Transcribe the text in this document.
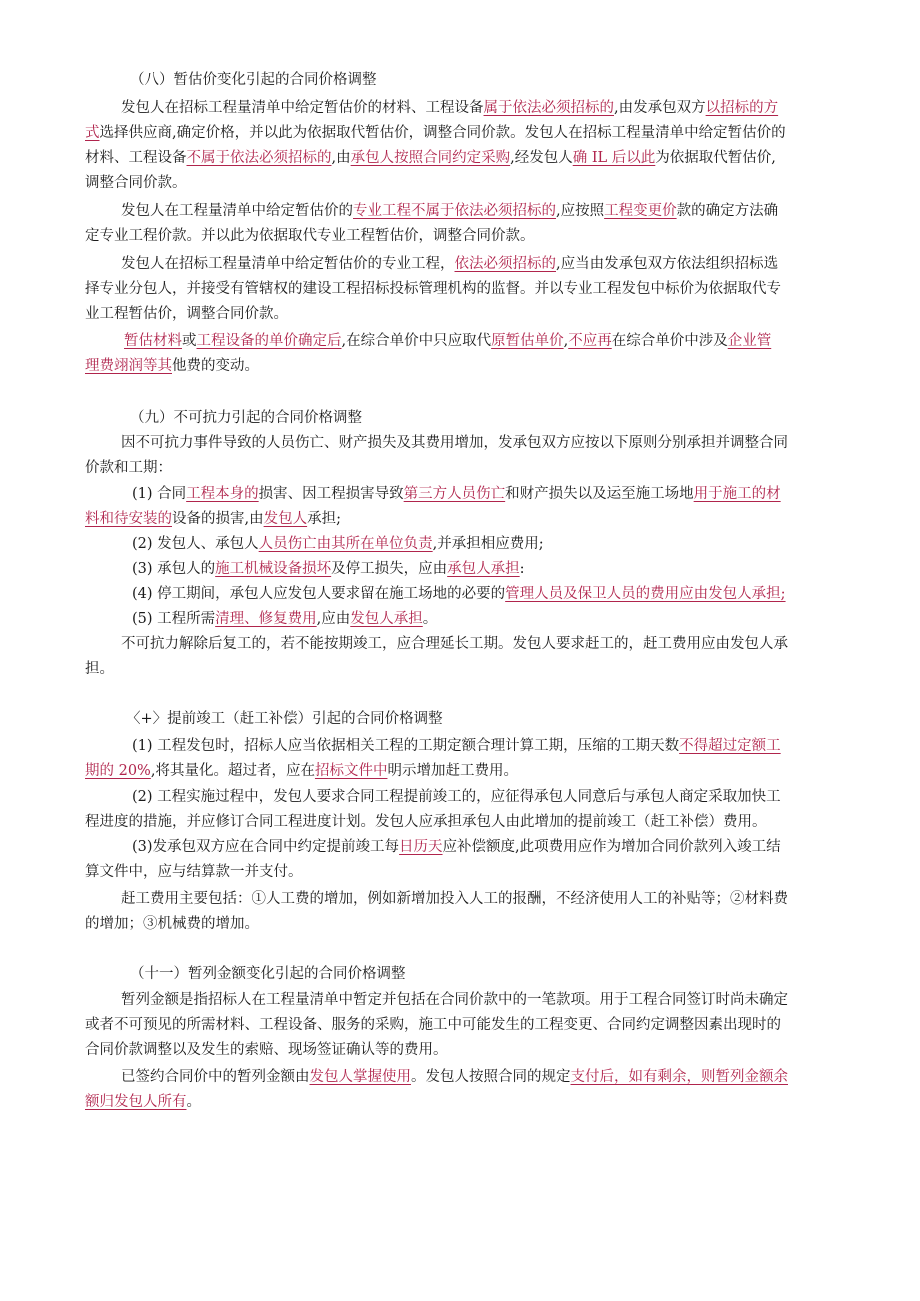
（八）暂估价变化引起的合同价格调整
发包人在招标工程量清单中给定暂估价的材料、工程设备属于依法必须招标的,由发承包双方以招标的方
式选择供应商,确定价格，并以此为依据取代暂估价，调整合同价款。发包人在招标工程量清单中给定暂估价的
材料、工程设备不属于依法必须招标的,由承包人按照合同约定采购,经发包人确 IL 后以此为依据取代暂估价,
调整合同价款。
发包人在工程量清单中给定暂估价的专业工程不属于依法必须招标的,应按照工程变更价款的确定方法确
定专业工程价款。并以此为依据取代专业工程暂估价，调整合同价款。
发包人在招标工程量清单中给定暂估价的专业工程，依法必须招标的,应当由发承包双方依法组织招标选
择专业分包人，并接受有管辖权的建设工程招标投标管理机构的监督。并以专业工程发包中标价为依据取代专
业工程暂估价，调整合同价款。
暂估材料或工程设备的单价确定后,在综合单价中只应取代原暂估单价,不应再在综合单价中涉及企业管
理费翊润等其他费的变动。
（九）不可抗力引起的合同价格调整
因不可抗力事件导致的人员伤亡、财产损失及其费用增加，发承包双方应按以下原则分别承担并调整合同
价款和工期：
(1) 合同工程本身的损害、因工程损害导致第三方人员伤亡和财产损失以及运至施工场地用于施工的材
料和待安装的设备的损害,由发包人承担;
(2) 发包人、承包人人员伤亡由其所在单位负责,并承担相应费用;
(3) 承包人的施工机械设备损坏及停工损失，应由承包人承担:
(4) 停工期间，承包人应发包人要求留在施工场地的必要的管理人员及保卫人员的费用应由发包人承担;
(5) 工程所需清理、修复费用,应由发包人承担。
不可抗力解除后复工的，若不能按期竣工，应合理延长工期。发包人要求赶工的，赶工费用应由发包人承
担。
〈+〉提前竣工（赶工补偿）引起的合同价格调整
(1) 工程发包时，招标人应当依据相关工程的工期定额合理计算工期，压缩的工期天数不得超过定额工
期的 20%,将其量化。超过者，应在招标文件中明示增加赶工费用。
(2) 工程实施过程中，发包人要求合同工程提前竣工的，应征得承包人同意后与承包人商定采取加快工
程进度的措施，并应修订合同工程进度计划。发包人应承担承包人由此增加的提前竣工（赶工补偿）费用。
(3)发承包双方应在合同中约定提前竣工每日历天应补偿额度,此项费用应作为增加合同价款列入竣工结
算文件中，应与结算款一并支付。
赶工费用主要包括：①人工费的增加，例如新增加投入人工的报酬，不经济使用人工的补贴等；②材料费
的增加；③机械费的增加。
（十一）暂列金额变化引起的合同价格调整
暂列金额是指招标人在工程量清单中暂定并包括在合同价款中的一笔款项。用于工程合同签订时尚未确定
或者不可预见的所需材料、工程设备、服务的采购，施工中可能发生的工程变更、合同约定调整因素出现时的
合同价款调整以及发生的索赔、现场签证确认等的费用。
已签约合同价中的暂列金额由发包人掌握使用。发包人按照合同的规定支付后，如有剩余，则暂列金额余
额归发包人所有。
